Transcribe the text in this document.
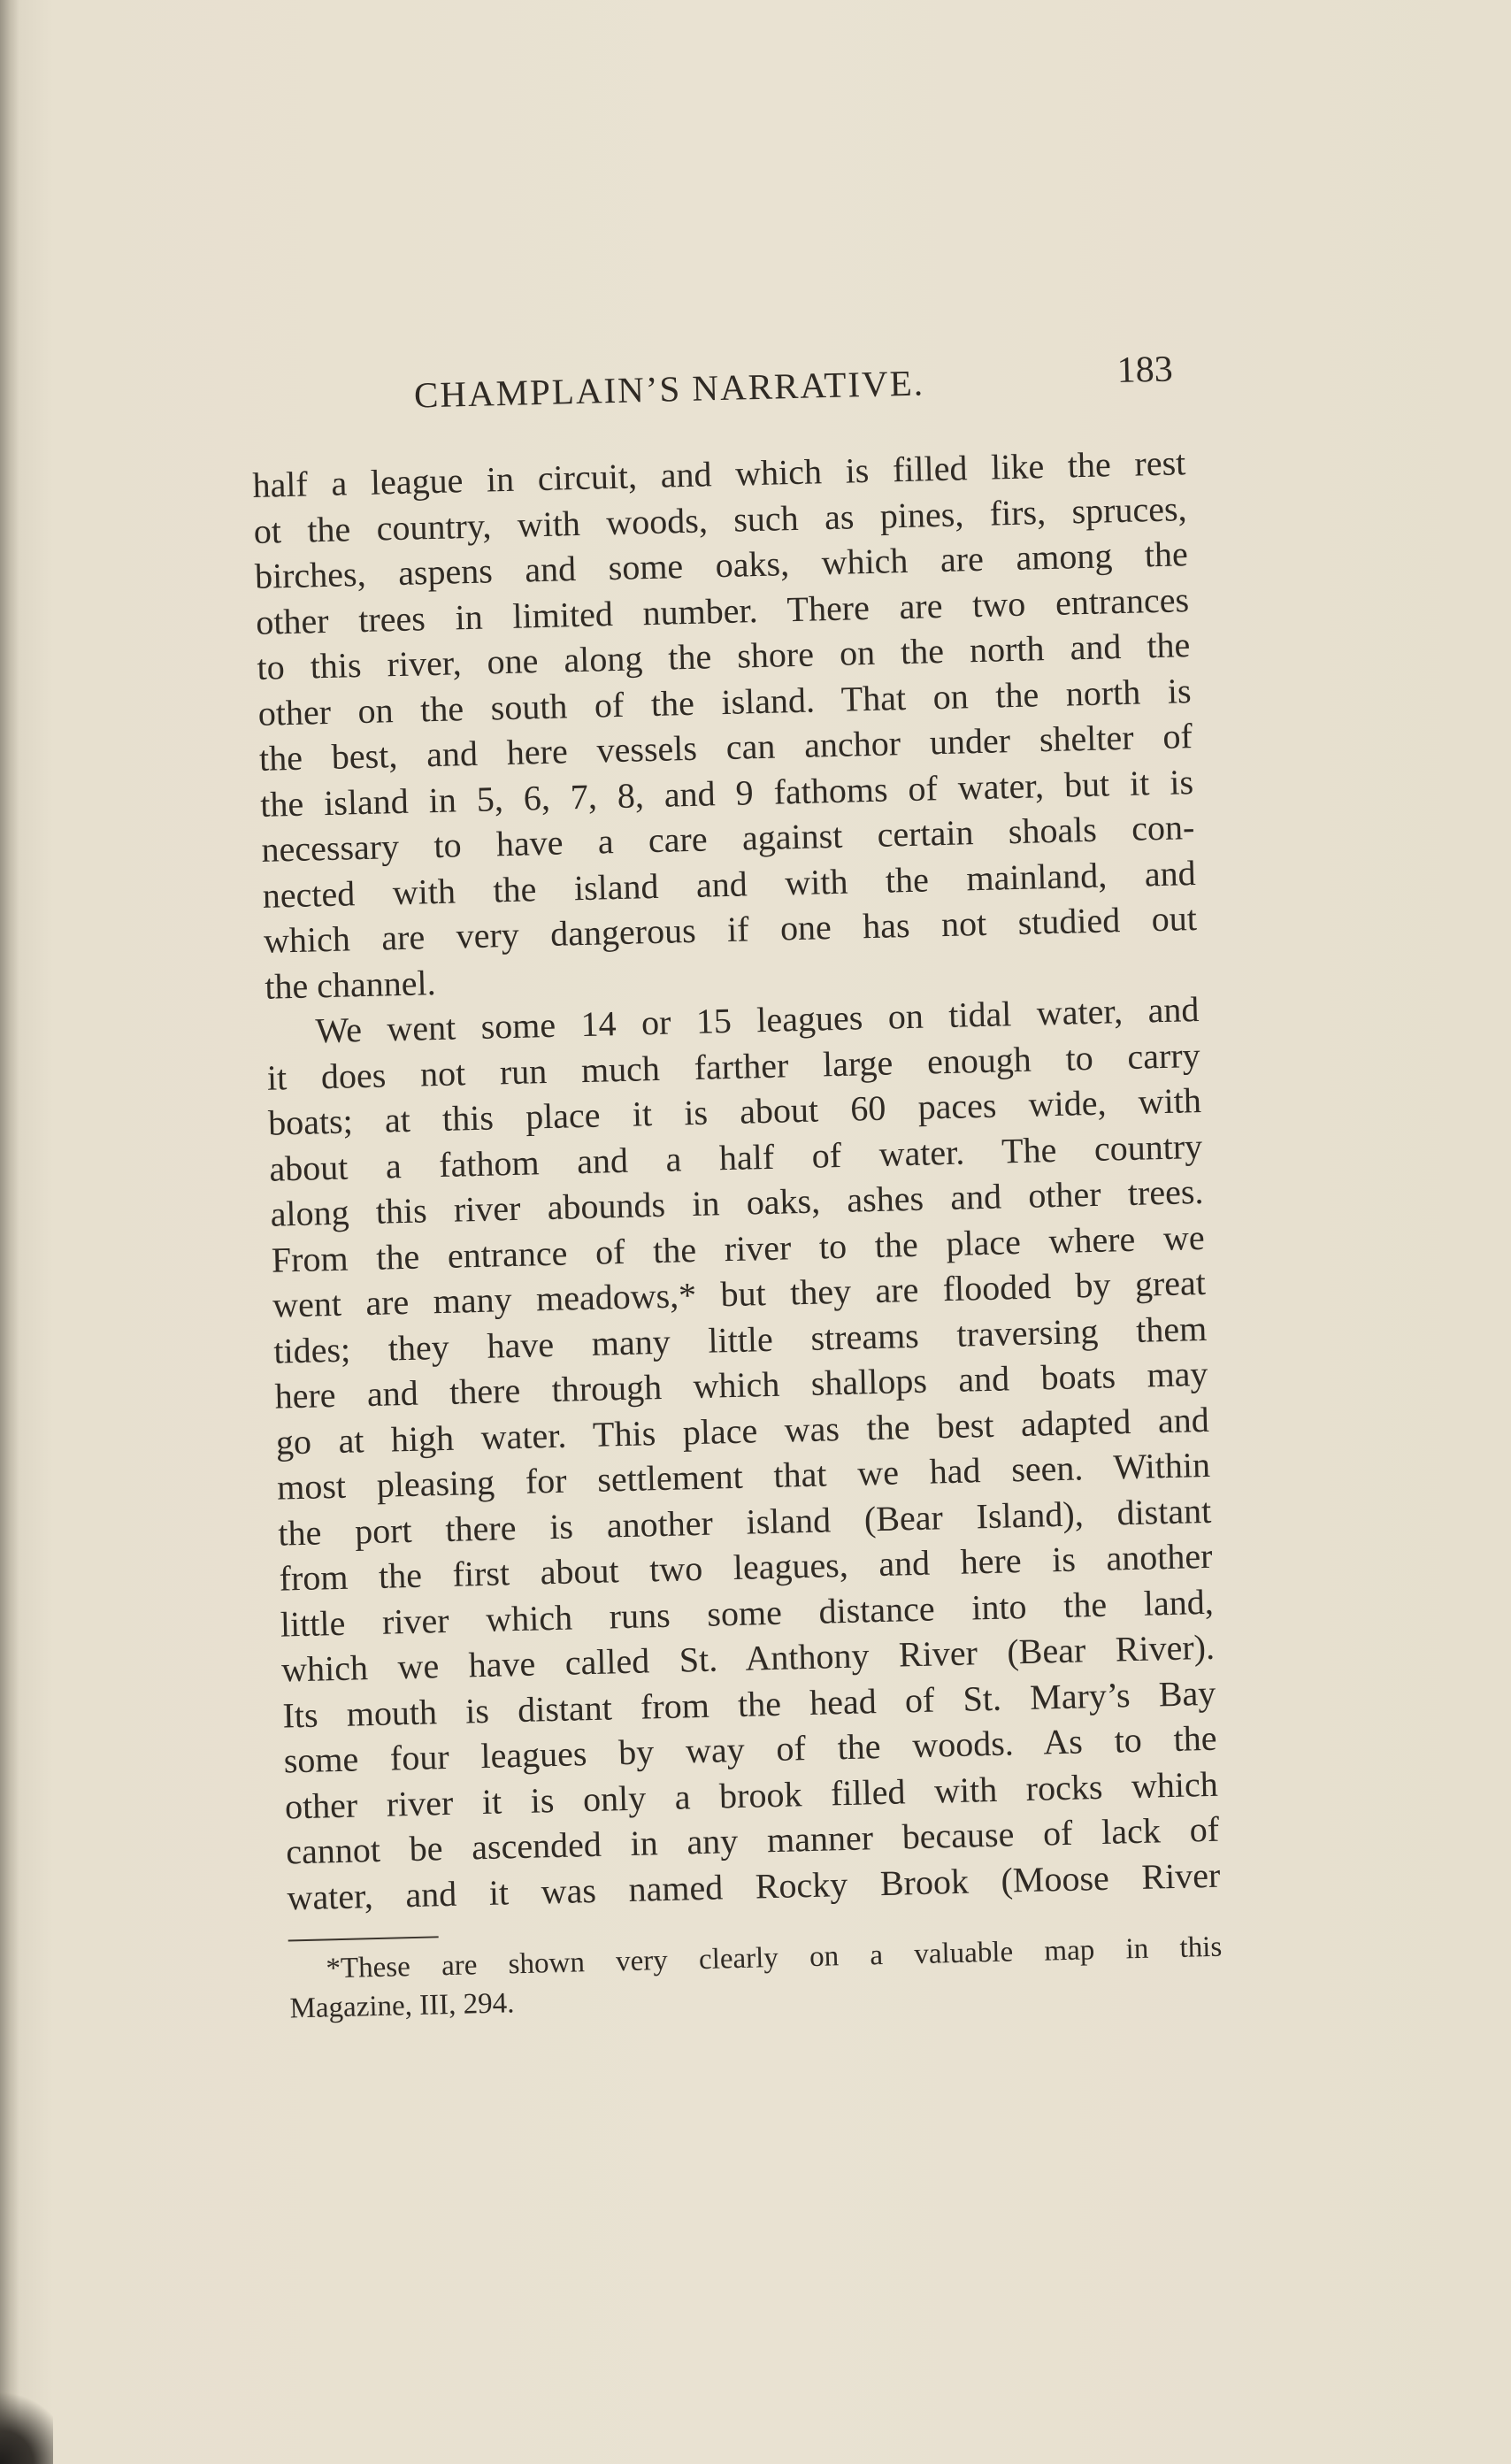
CHAMPLAIN’S NARRATIVE.	183
half a league in circuit, and which is filled like the rest
ot the country, with woods, such as pines, firs, spruces,
birches, aspens and some oaks, which are among the
other trees in limited number. There are two entrances
to this river, one along the shore on the north and the
other on the south of the island. That on the north is
the best, and here vessels can anchor under shelter of
the island in 5, 6, 7, 8, and 9 fathoms of water, but it is
necessary to have a care against certain shoals con-
nected with the island and with the mainland, and
which are very dangerous if one has not studied out
the channel.
We went some 14 or 15 leagues on tidal water, and
it does not run much farther large enough to carry
boats; at this place it is about 60 paces wide, with
about a fathom and a half of water. The country
along this river abounds in oaks, ashes and other trees.
From the entrance of the river to the place where we
went are many meadows,* but they are flooded by great
tides; they have many little streams traversing them
here and there through which shallops and boats may
go at high water. This place was the best adapted and
most pleasing for settlement that we had seen. Within
the port there is another island (Bear Island), distant
from the first about two leagues, and here is another
little river which runs some distance into the land,
which we have called St. Anthony River (Bear River).
Its mouth is distant from the head of St. Mary’s Bay
some four leagues by way of the woods. As to the
other river it is only a brook filled with rocks which
cannot be ascended in any manner because of lack of
water, and it was named Rocky Brook (Moose River
*These are shown very clearly on a valuable map in this
Magazine, III, 294.
